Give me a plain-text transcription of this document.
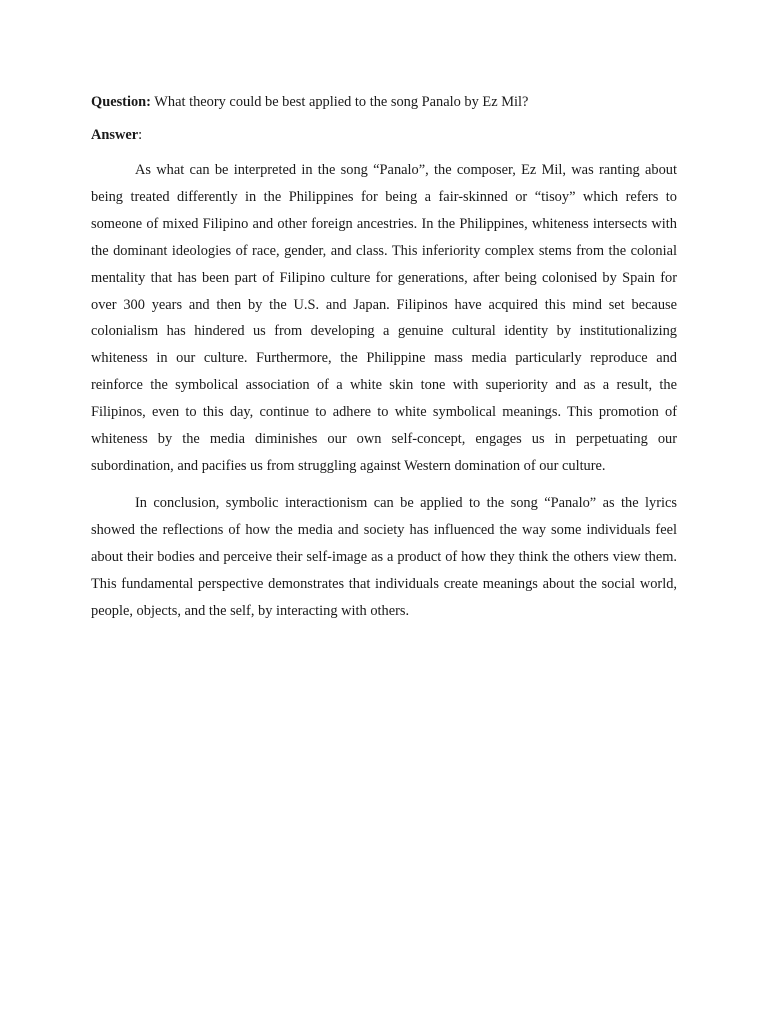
Question: What theory could be best applied to the song Panalo by Ez Mil?

Answer:

As what can be interpreted in the song “Panalo”, the composer, Ez Mil, was ranting about being treated differently in the Philippines for being a fair-skinned or “tisoy” which refers to someone of mixed Filipino and other foreign ancestries. In the Philippines, whiteness intersects with the dominant ideologies of race, gender, and class. This inferiority complex stems from the colonial mentality that has been part of Filipino culture for generations, after being colonised by Spain for over 300 years and then by the U.S. and Japan. Filipinos have acquired this mind set because colonialism has hindered us from developing a genuine cultural identity by institutionalizing whiteness in our culture. Furthermore, the Philippine mass media particularly reproduce and reinforce the symbolical association of a white skin tone with superiority and as a result, the Filipinos, even to this day, continue to adhere to white symbolical meanings. This promotion of whiteness by the media diminishes our own self-concept, engages us in perpetuating our subordination, and pacifies us from struggling against Western domination of our culture.

In conclusion, symbolic interactionism can be applied to the song “Panalo” as the lyrics showed the reflections of how the media and society has influenced the way some individuals feel about their bodies and perceive their self-image as a product of how they think the others view them. This fundamental perspective demonstrates that individuals create meanings about the social world, people, objects, and the self, by interacting with others.
